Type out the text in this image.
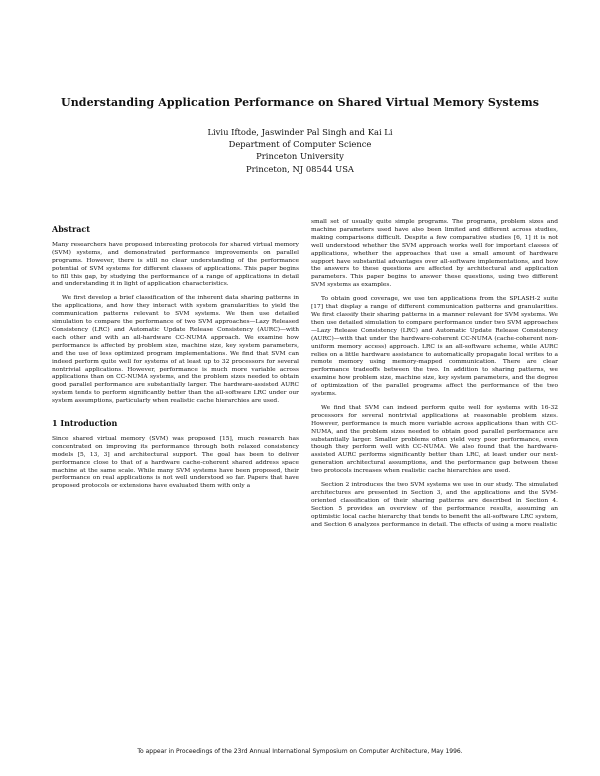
Understanding Application Performance on Shared Virtual Memory Systems
Liviu Iftode, Jaswinder Pal Singh and Kai Li
Department of Computer Science
Princeton University
Princeton, NJ 08544 USA
Abstract

Many researchers have proposed interesting protocols for shared virtual memory (SVM) systems, and demonstrated performance improvements on parallel programs. However, there is still no clear understanding of the performance potential of SVM systems for different classes of applications. This paper begins to fill this gap, by studying the performance of a range of applications in detail and understanding it in light of application characteristics.

We first develop a brief classification of the inherent data sharing patterns in the applications, and how they interact with system granularities to yield the communication patterns relevant to SVM systems. We then use detailed simulation to compare the performance of two SVM approaches—Lazy Released Consistency (LRC) and Automatic Update Release Consistency (AURC)—with each other and with an all-hardware CC-NUMA approach. We examine how performance is affected by problem size, machine size, key system parameters, and the use of less optimized program implementations. We find that SVM can indeed perform quite well for systems of at least up to 32 processors for several nontrivial applications. However, performance is much more variable across applications than on CC-NUMA systems, and the problem sizes needed to obtain good parallel performance are substantially larger. The hardware-assisted AURC system tends to perform significantly better than the all-software LRC under our system assumptions, particularly when realistic cache hierarchies are used.

1 Introduction

Since shared virtual memory (SVM) was proposed [15], much research has concentrated on improving its performance through both relaxed consistency models [5, 13, 3] and architectural support. The goal has been to deliver performance close to that of a hardware cache-coherent shared address space machine at the same scale. While many SVM systems have been proposed, their performance on real applications is not well understood so far. Papers that have proposed protocols or extensions have evaluated them with only a

small set of usually quite simple programs. The programs, problem sizes and machine parameters used have also been limited and different across studies, making comparisons difficult. Despite a few comparative studies [6, 1] it is not well understood whether the SVM approach works well for important classes of applications, whether the approaches that use a small amount of hardware support have substantial advantages over all-software implementations, and how the answers to these questions are affected by architectural and application parameters. This paper begins to answer these questions, using two different SVM systems as examples.

To obtain good coverage, we use ten applications from the SPLASH-2 suite [17] that display a range of different communication patterns and granularities. We first classify their sharing patterns in a manner relevant for SVM systems. We then use detailed simulation to compare performance under two SVM approaches—Lazy Release Consistency (LRC) and Automatic Update Release Consistency (AURC)—with that under the hardware-coherent CC-NUMA (cache-coherent non-uniform memory access) approach. LRC is an all-software scheme, while AURC relies on a little hardware assistance to automatically propagate local writes to a remote memory using memory-mapped communication. There are clear performance tradeoffs between the two. In addition to sharing patterns, we examine how problem size, machine size, key system parameters, and the degree of optimization of the parallel programs affect the performance of the two systems.

We find that SVM can indeed perform quite well for systems with 16-32 processors for several nontrivial applications at reasonable problem sizes. However, performance is much more variable across applications than with CC-NUMA, and the problem sizes needed to obtain good parallel performance are substantially larger. Smaller problems often yield very poor performance, even though they perform well with CC-NUMA. We also found that the hardware-assisted AURC performs significantly better than LRC, at least under our next-generation architectural assumptions, and the performance gap between these two protocols increases when realistic cache hierarchies are used.

Section 2 introduces the two SVM systems we use in our study. The simulated architectures are presented in Section 3, and the applications and the SVM-oriented classification of their sharing patterns are described in Section 4. Section 5 provides an overview of the performance results, assuming an optimistic local cache hierarchy that tends to benefit the all-software LRC system, and Section 6 analyzes performance in detail. The effects of using a more realistic

To appear in Proceedings of the 23rd Annual International Symposium on Computer Architecture, May 1996.
